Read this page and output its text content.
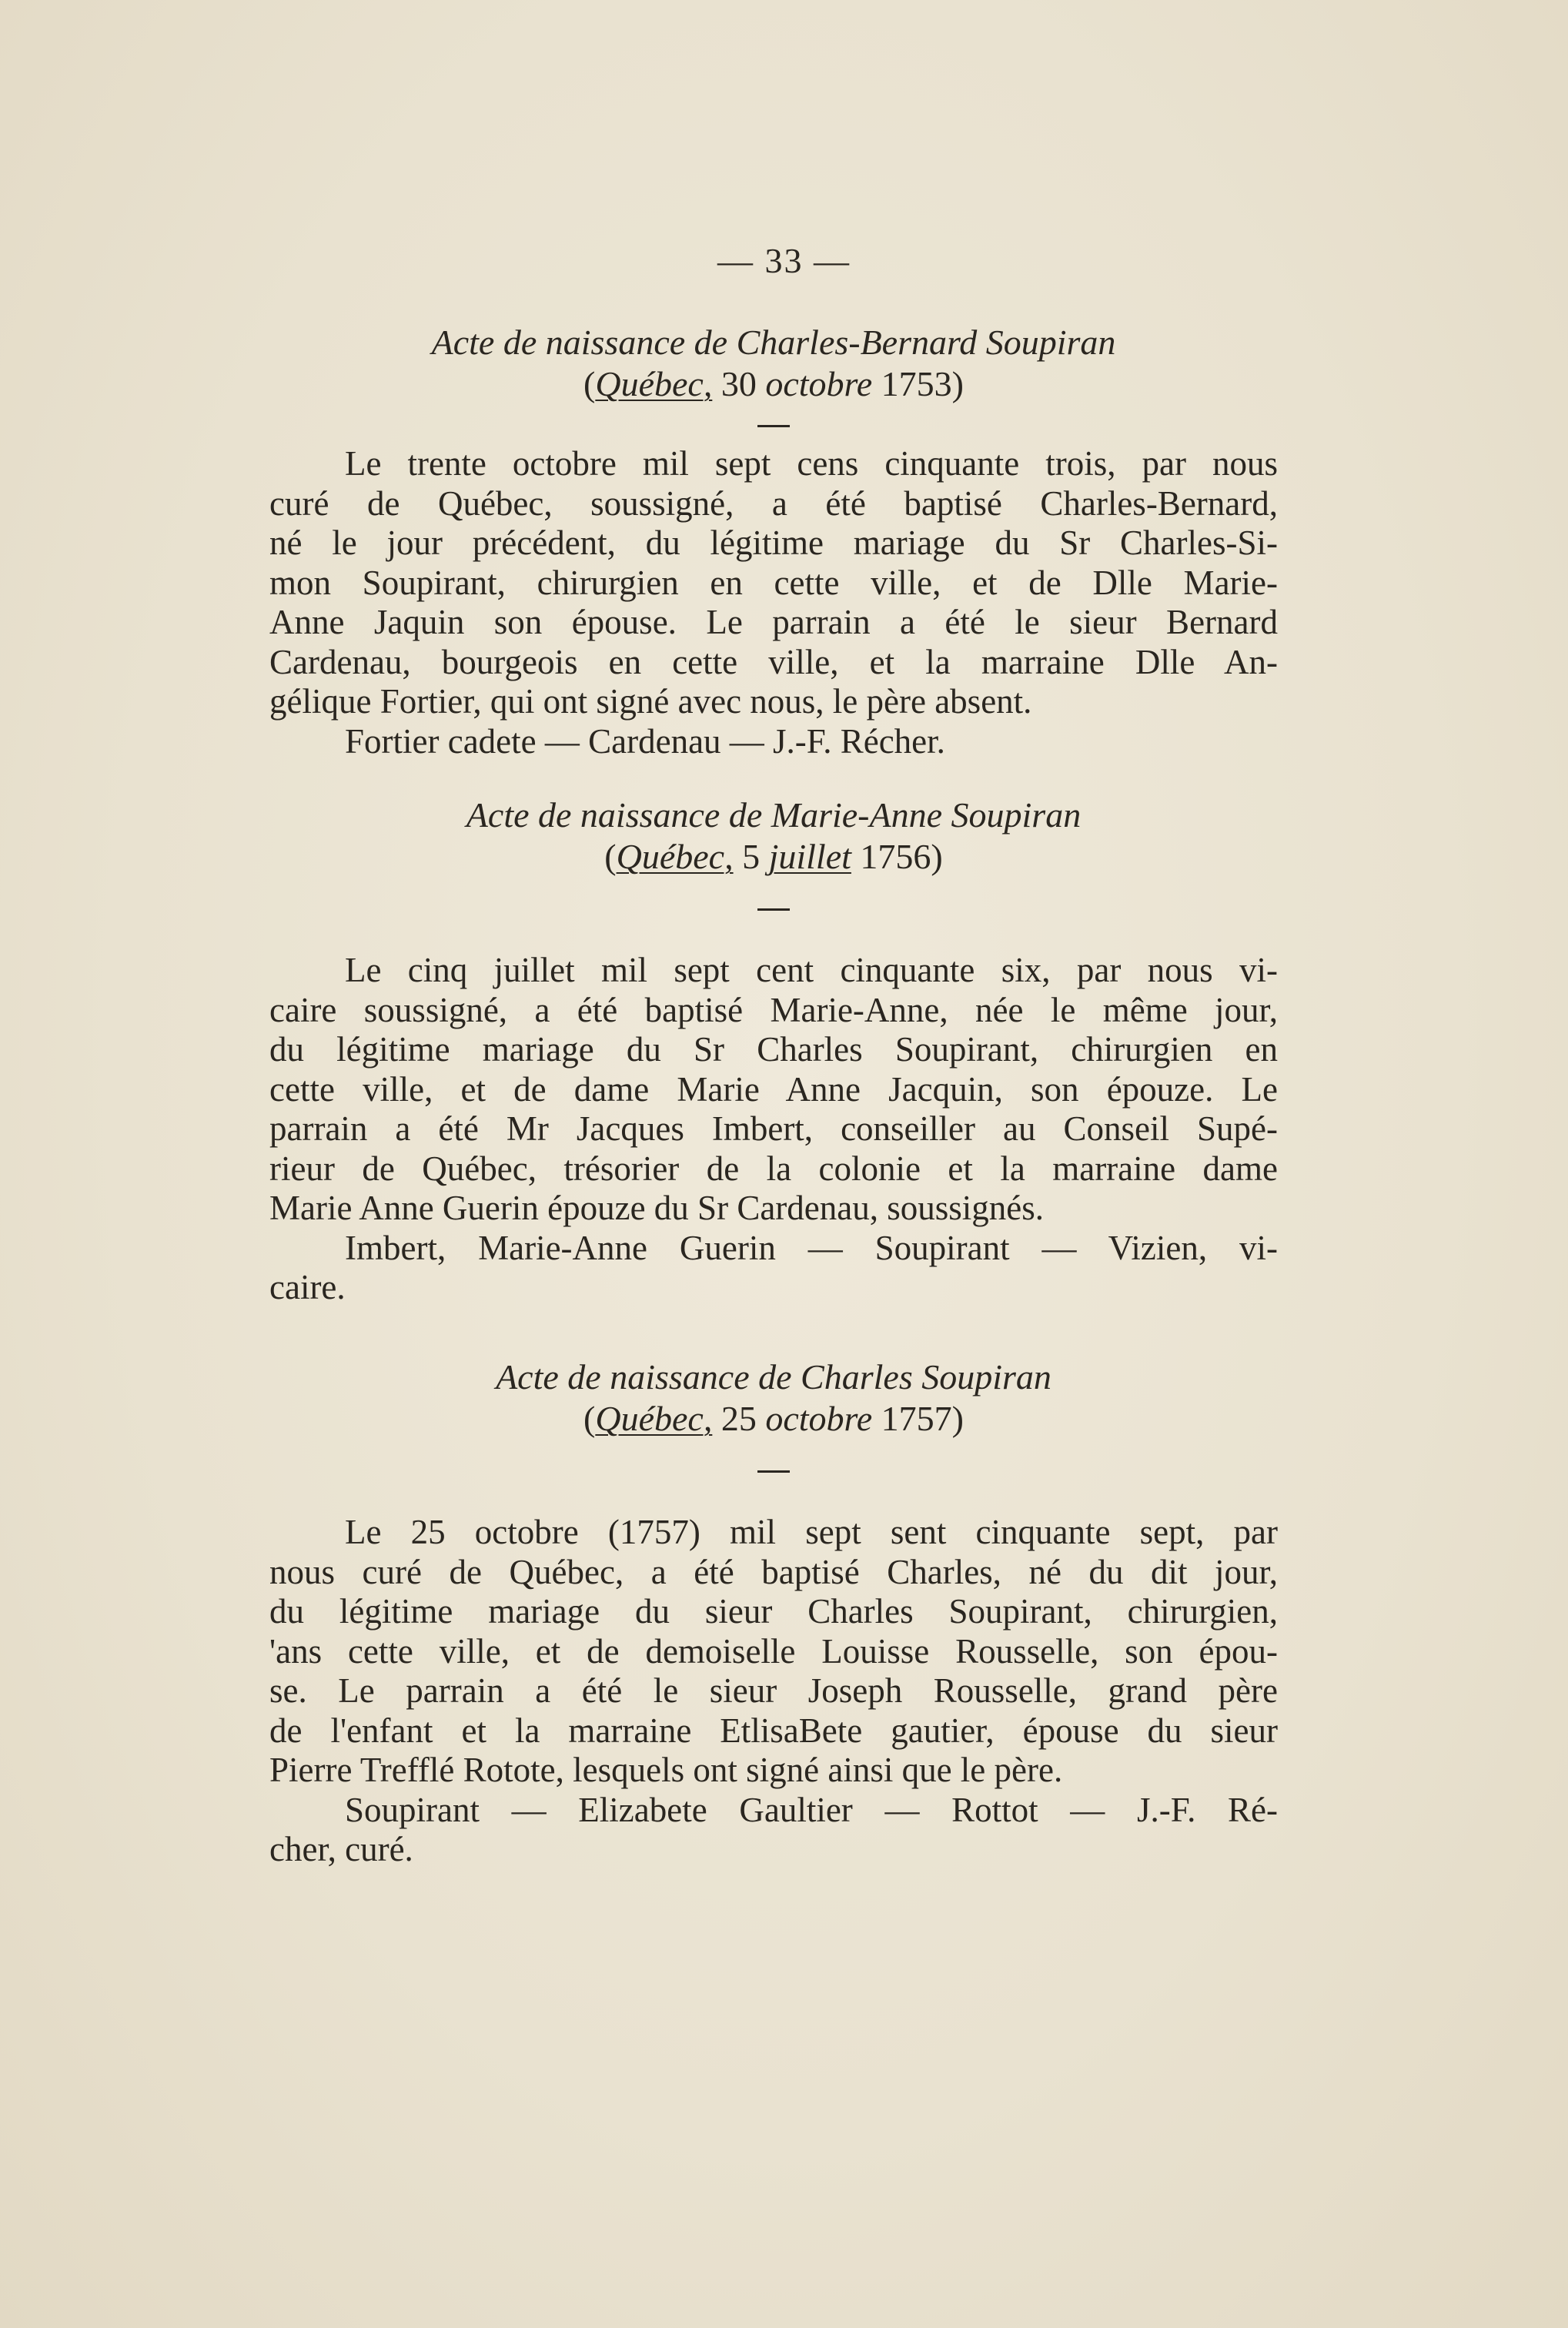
— 33 —
Acte de naissance de Charles-Bernard Soupiran
(Québec, 30 octobre 1753)
Le trente octobre mil sept cens cinquante trois, par nous
curé de Québec, soussigné, a été baptisé Charles-Bernard,
né le jour précédent, du légitime mariage du Sr Charles-Si-
mon Soupirant, chirurgien en cette ville, et de Dlle Marie-
Anne Jaquin son épouse. Le parrain a été le sieur Bernard
Cardenau, bourgeois en cette ville, et la marraine Dlle An-
gélique Fortier, qui ont signé avec nous, le père absent.
Fortier cadete — Cardenau — J.-F. Récher.
Acte de naissance de Marie-Anne Soupiran
(Québec, 5 juillet 1756)
Le cinq juillet mil sept cent cinquante six, par nous vi-
caire soussigné, a été baptisé Marie-Anne, née le même jour,
du légitime mariage du Sr Charles Soupirant, chirurgien en
cette ville, et de dame Marie Anne Jacquin, son épouze. Le
parrain a été Mr Jacques Imbert, conseiller au Conseil Supé-
rieur de Québec, trésorier de la colonie et la marraine dame
Marie Anne Guerin épouze du Sr Cardenau, soussignés.
Imbert, Marie-Anne Guerin — Soupirant — Vizien, vi-
caire.
Acte de naissance de Charles Soupiran
(Québec, 25 octobre 1757)
Le 25 octobre (1757) mil sept sent cinquante sept, par
nous curé de Québec, a été baptisé Charles, né du dit jour,
du légitime mariage du sieur Charles Soupirant, chirurgien,
'ans cette ville, et de demoiselle Louisse Rousselle, son épou-
se. Le parrain a été le sieur Joseph Rousselle, grand père
de l'enfant et la marraine EtlisaBete gautier, épouse du sieur
Pierre Trefflé Rotote, lesquels ont signé ainsi que le père.
Soupirant — Elizabete Gaultier — Rottot — J.-F. Ré-
cher, curé.
